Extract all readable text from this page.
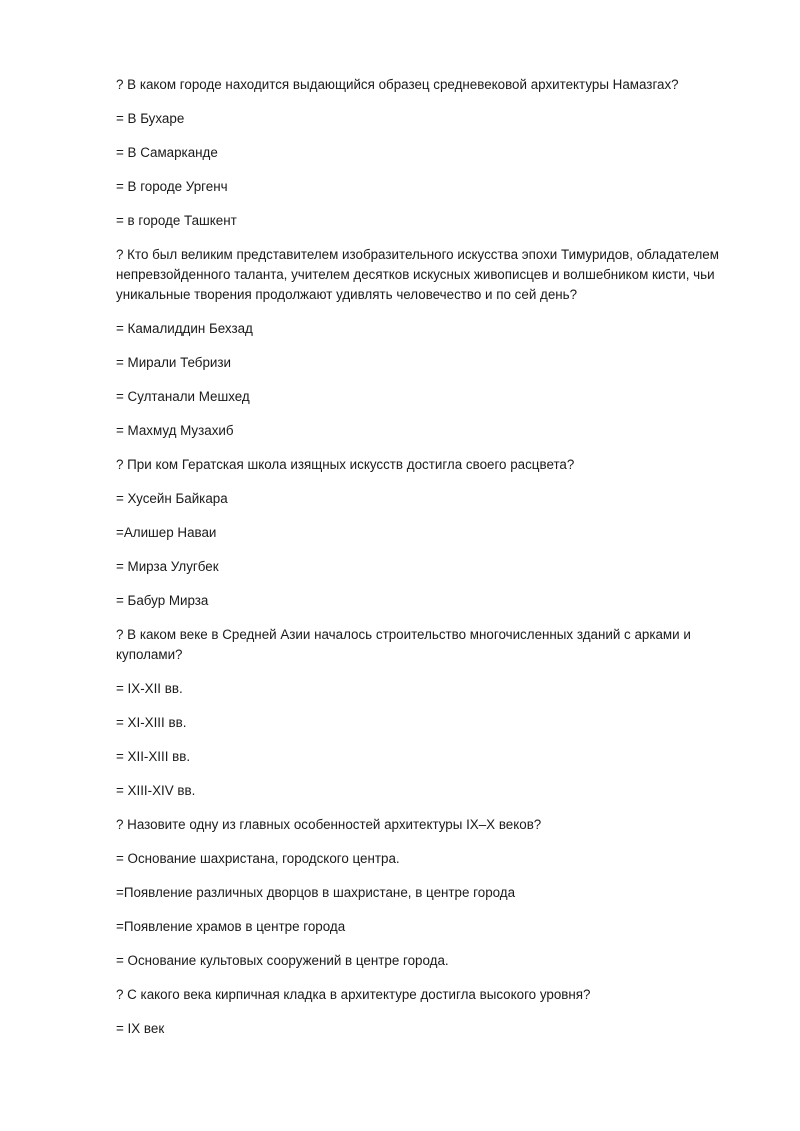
? В каком городе находится выдающийся образец средневековой архитектуры Намазгах?

= В Бухаре

= В Самарканде

= В городе Ургенч

= в городе Ташкент

? Кто был великим представителем изобразительного искусства эпохи Тимуридов, обладателем непревзойденного таланта, учителем десятков искусных живописцев и волшебником кисти, чьи уникальные творения продолжают удивлять человечество и по сей день?

= Камалиддин Бехзад

= Мирали Тебризи

= Султанали Мешхед

= Махмуд Музахиб

? При ком Гератская школа изящных искусств достигла своего расцвета?

= Хусейн Байкара

=Алишер Наваи

= Мирза Улугбек

= Бабур Мирза

? В каком веке в Средней Азии началось строительство многочисленных зданий с арками и куполами?

= IX-XII вв.

= XI-XIII вв.

= XII-XIII вв.

= XIII-XIV вв.

? Назовите одну из главных особенностей архитектуры IX–X веков?

= Основание шахристана, городского центра.

=Появление различных дворцов в шахристане, в центре города

=Появление храмов в центре города

= Основание культовых сооружений в центре города.

? С какого века кирпичная кладка в архитектуре достигла высокого уровня?

= IX век
